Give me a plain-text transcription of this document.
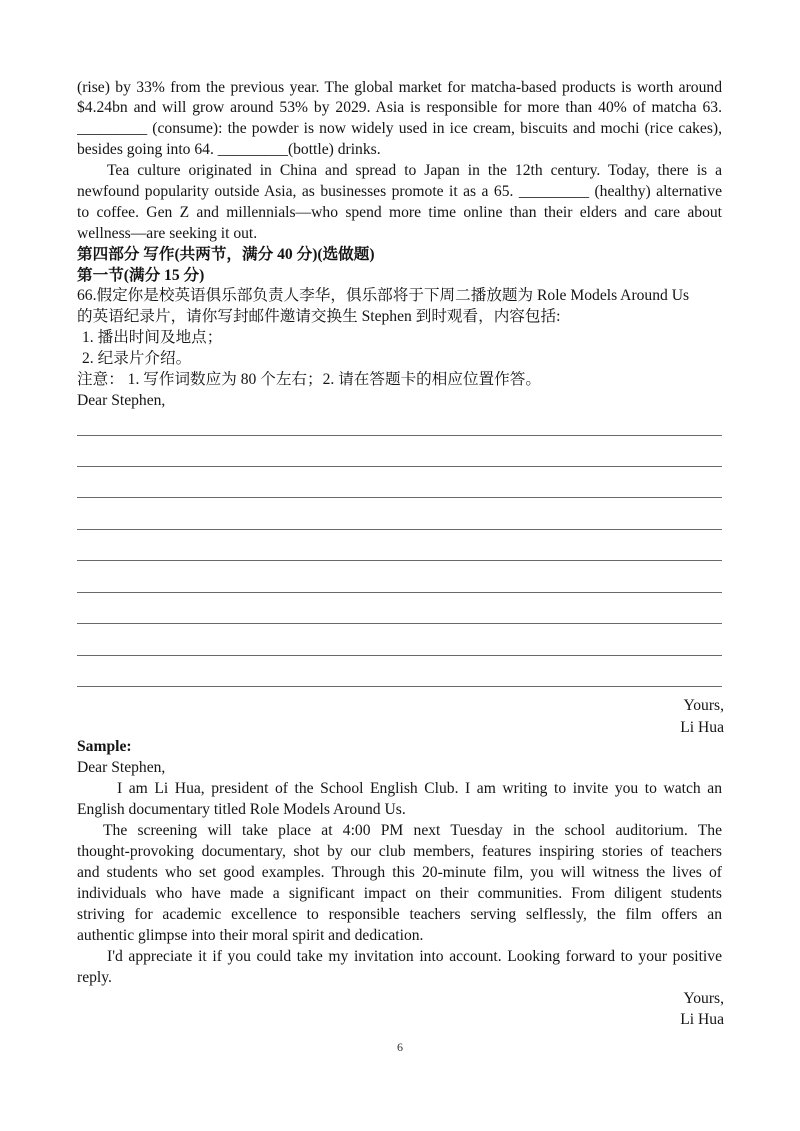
(rise) by 33% from the previous year. The global market for matcha-based products is worth around
$4.24bn and will grow around 53% by 2029. Asia is responsible for more than 40% of matcha 63.
_________ (consume): the powder is now widely used in ice cream, biscuits and mochi (rice cakes),
besides going into 64. _________(bottle) drinks.
Tea culture originated in China and spread to Japan in the 12th century. Today, there is a
newfound popularity outside Asia, as businesses promote it as a 65. _________ (healthy) alternative
to coffee. Gen Z and millennials—who spend more time online than their elders and care about
wellness—are seeking it out.
第四部分 写作(共两节，满分 40 分)(选做题)
第一节(满分 15 分)
66.假定你是校英语俱乐部负责人李华，俱乐部将于下周二播放题为 Role Models Around Us
的英语纪录片，请你写封邮件邀请交换生 Stephen 到时观看，内容包括:
1. 播出时间及地点；
2. 纪录片介绍。
注意： 1. 写作词数应为 80 个左右；2. 请在答题卡的相应位置作答。
Dear Stephen,
Yours,
Li Hua
Sample:
Dear Stephen,
I am Li Hua, president of the School English Club. I am writing to invite you to watch an
English documentary titled Role Models Around Us.
The screening will take place at 4:00 PM next Tuesday in the school auditorium. The
thought-provoking documentary, shot by our club members, features inspiring stories of teachers
and students who set good examples. Through this 20-minute film, you will witness the lives of
individuals who have made a significant impact on their communities. From diligent students
striving for academic excellence to responsible teachers serving selflessly, the film offers an
authentic glimpse into their moral spirit and dedication.
I'd appreciate it if you could take my invitation into account. Looking forward to your positive
reply.
Yours,
Li Hua
6
